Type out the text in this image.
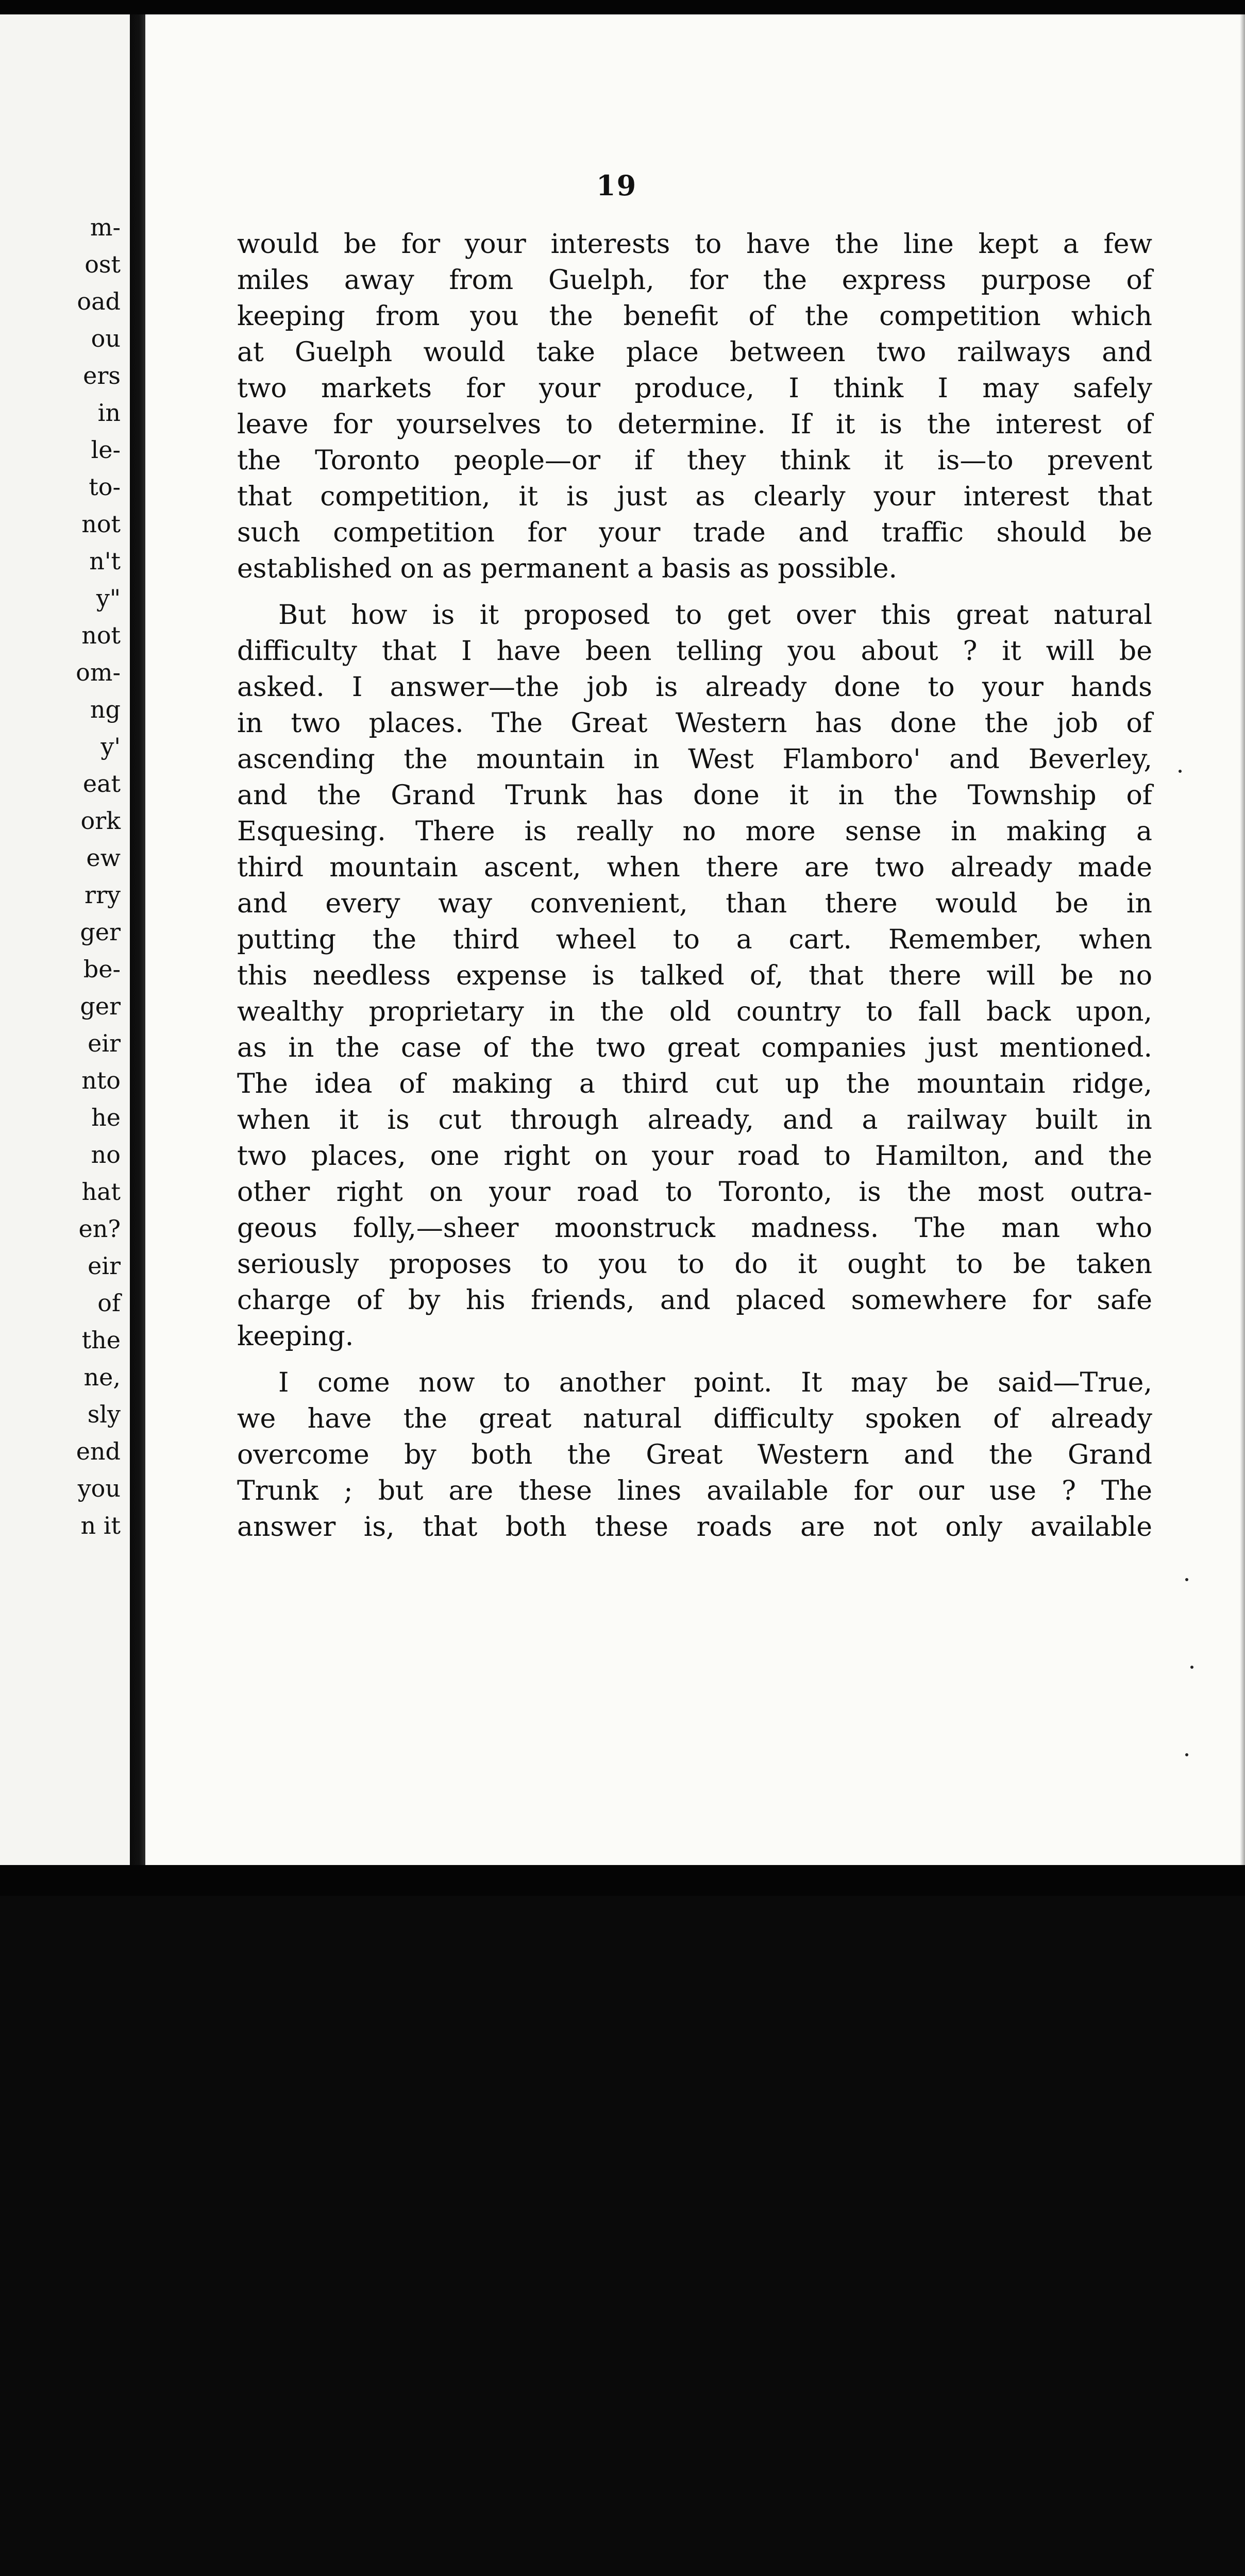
m-
ost
oad
ou
ers
in
le-
to-
not
n't
y"
not
om-
ng
y'
eat
ork
ew
rry
ger
be-
ger
eir
nto
he
no
hat
en?
eir
of
the
ne,
sly
end
you
n it
19
would be for your interests to have the line kept a few
miles away from Guelph, for the express purpose of
keeping from you the benefit of the competition which
at Guelph would take place between two railways and
two markets for your produce, I think I may safely
leave for yourselves to determine. If it is the interest of
the Toronto people—or if they think it is—to prevent
that competition, it is just as clearly your interest that
such competition for your trade and traffic should be
established on as permanent a basis as possible.
But how is it proposed to get over this great natural
difficulty that I have been telling you about ? it will be
asked. I answer—the job is already done to your hands
in two places. The Great Western has done the job of
ascending the mountain in West Flamboro' and Beverley,
and the Grand Trunk has done it in the Township of
Esquesing. There is really no more sense in making a
third mountain ascent, when there are two already made
and every way convenient, than there would be in
putting the third wheel to a cart. Remember, when
this needless expense is talked of, that there will be no
wealthy proprietary in the old country to fall back upon,
as in the case of the two great companies just mentioned.
The idea of making a third cut up the mountain ridge,
when it is cut through already, and a railway built in
two places, one right on your road to Hamilton, and the
other right on your road to Toronto, is the most outra-
geous folly,—sheer moonstruck madness. The man who
seriously proposes to you to do it ought to be taken
charge of by his friends, and placed somewhere for safe
keeping.
I come now to another point. It may be said—True,
we have the great natural difficulty spoken of already
overcome by both the Great Western and the Grand
Trunk ; but are these lines available for our use ? The
answer is, that both these roads are not only available
